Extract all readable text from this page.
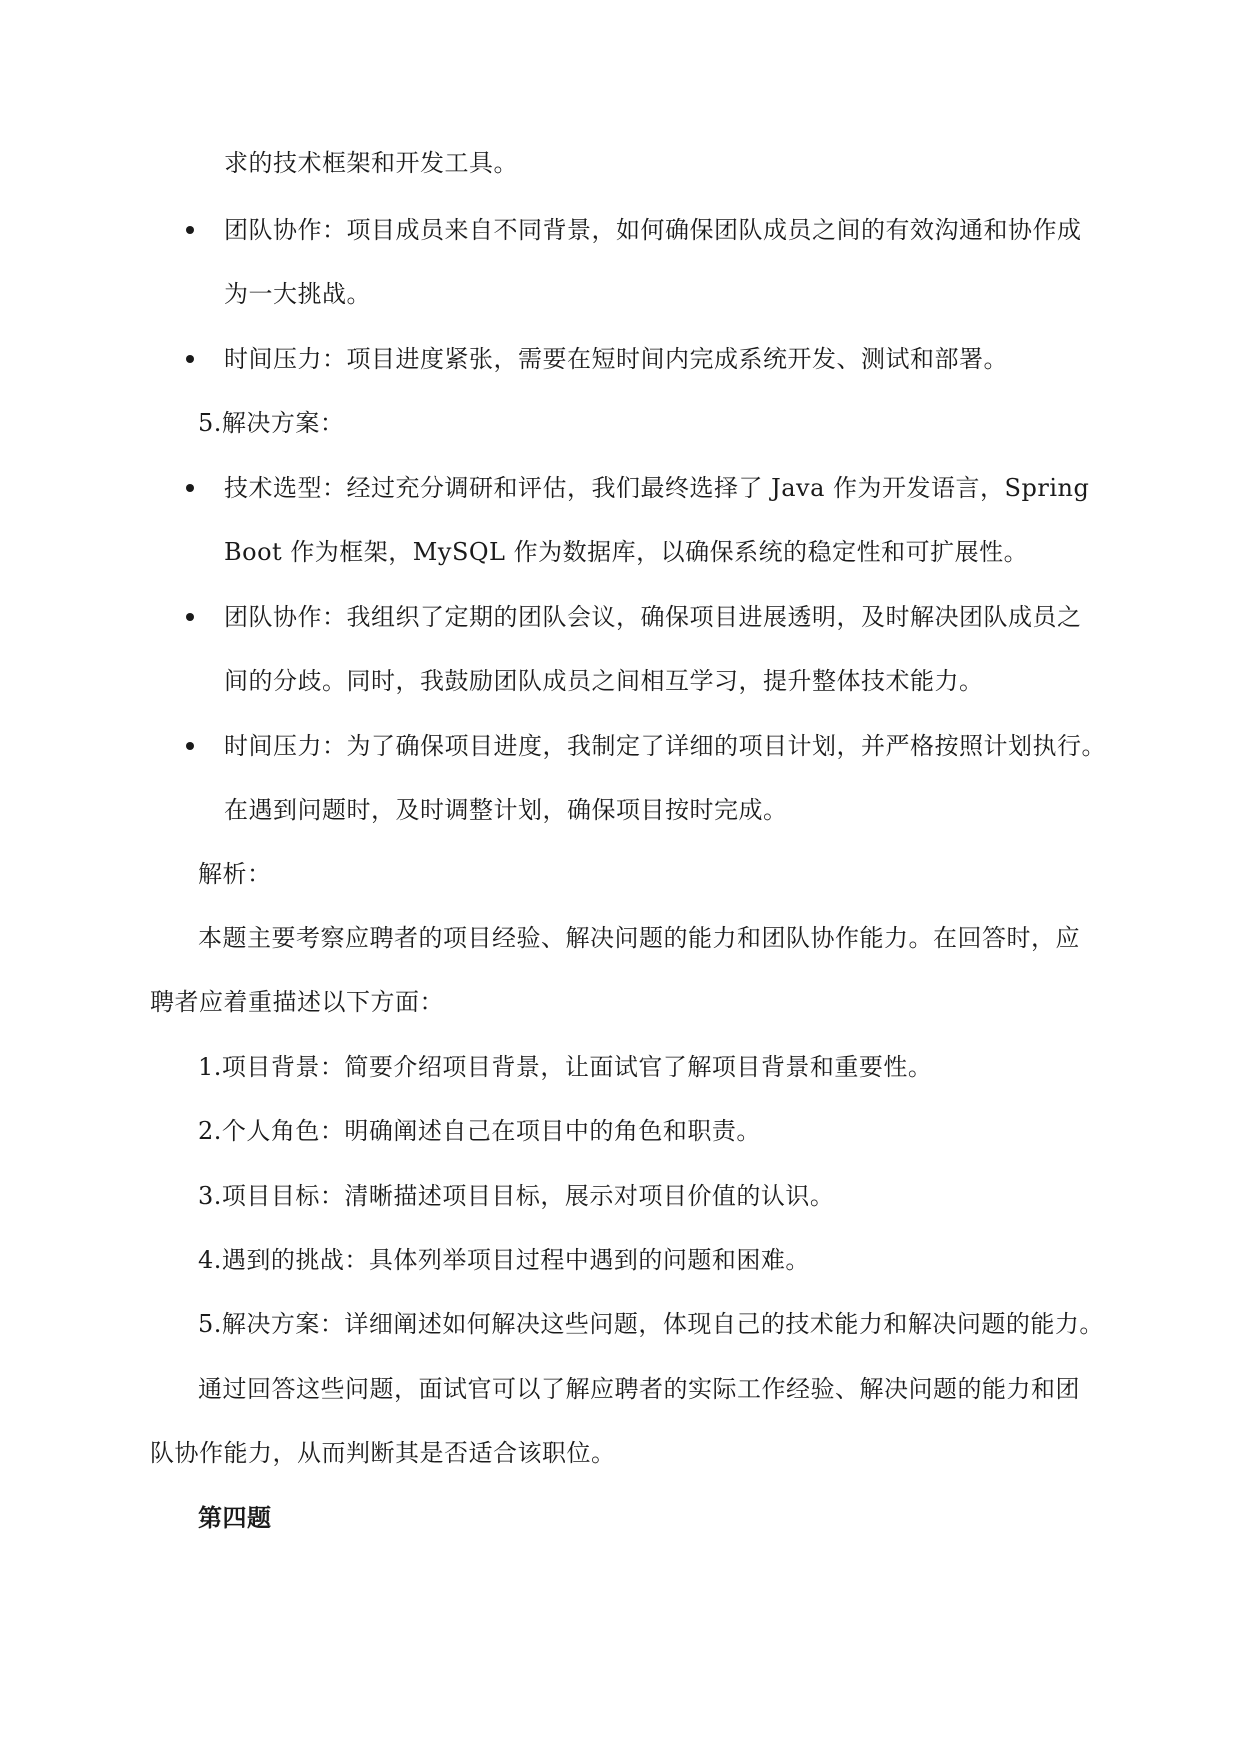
求的技术框架和开发工具。
团队协作：项目成员来自不同背景，如何确保团队成员之间的有效沟通和协作成
为一大挑战。
时间压力：项目进度紧张，需要在短时间内完成系统开发、测试和部署。
5.解决方案：
技术选型：经过充分调研和评估，我们最终选择了 Java 作为开发语言，Spring
Boot 作为框架，MySQL 作为数据库，以确保系统的稳定性和可扩展性。
团队协作：我组织了定期的团队会议，确保项目进展透明，及时解决团队成员之
间的分歧。同时，我鼓励团队成员之间相互学习，提升整体技术能力。
时间压力：为了确保项目进度，我制定了详细的项目计划，并严格按照计划执行。
在遇到问题时，及时调整计划，确保项目按时完成。
解析：
本题主要考察应聘者的项目经验、解决问题的能力和团队协作能力。在回答时，应
聘者应着重描述以下方面：
1.项目背景：简要介绍项目背景，让面试官了解项目背景和重要性。
2.个人角色：明确阐述自己在项目中的角色和职责。
3.项目目标：清晰描述项目目标，展示对项目价值的认识。
4.遇到的挑战：具体列举项目过程中遇到的问题和困难。
5.解决方案：详细阐述如何解决这些问题，体现自己的技术能力和解决问题的能力。
通过回答这些问题，面试官可以了解应聘者的实际工作经验、解决问题的能力和团
队协作能力，从而判断其是否适合该职位。
第四题
